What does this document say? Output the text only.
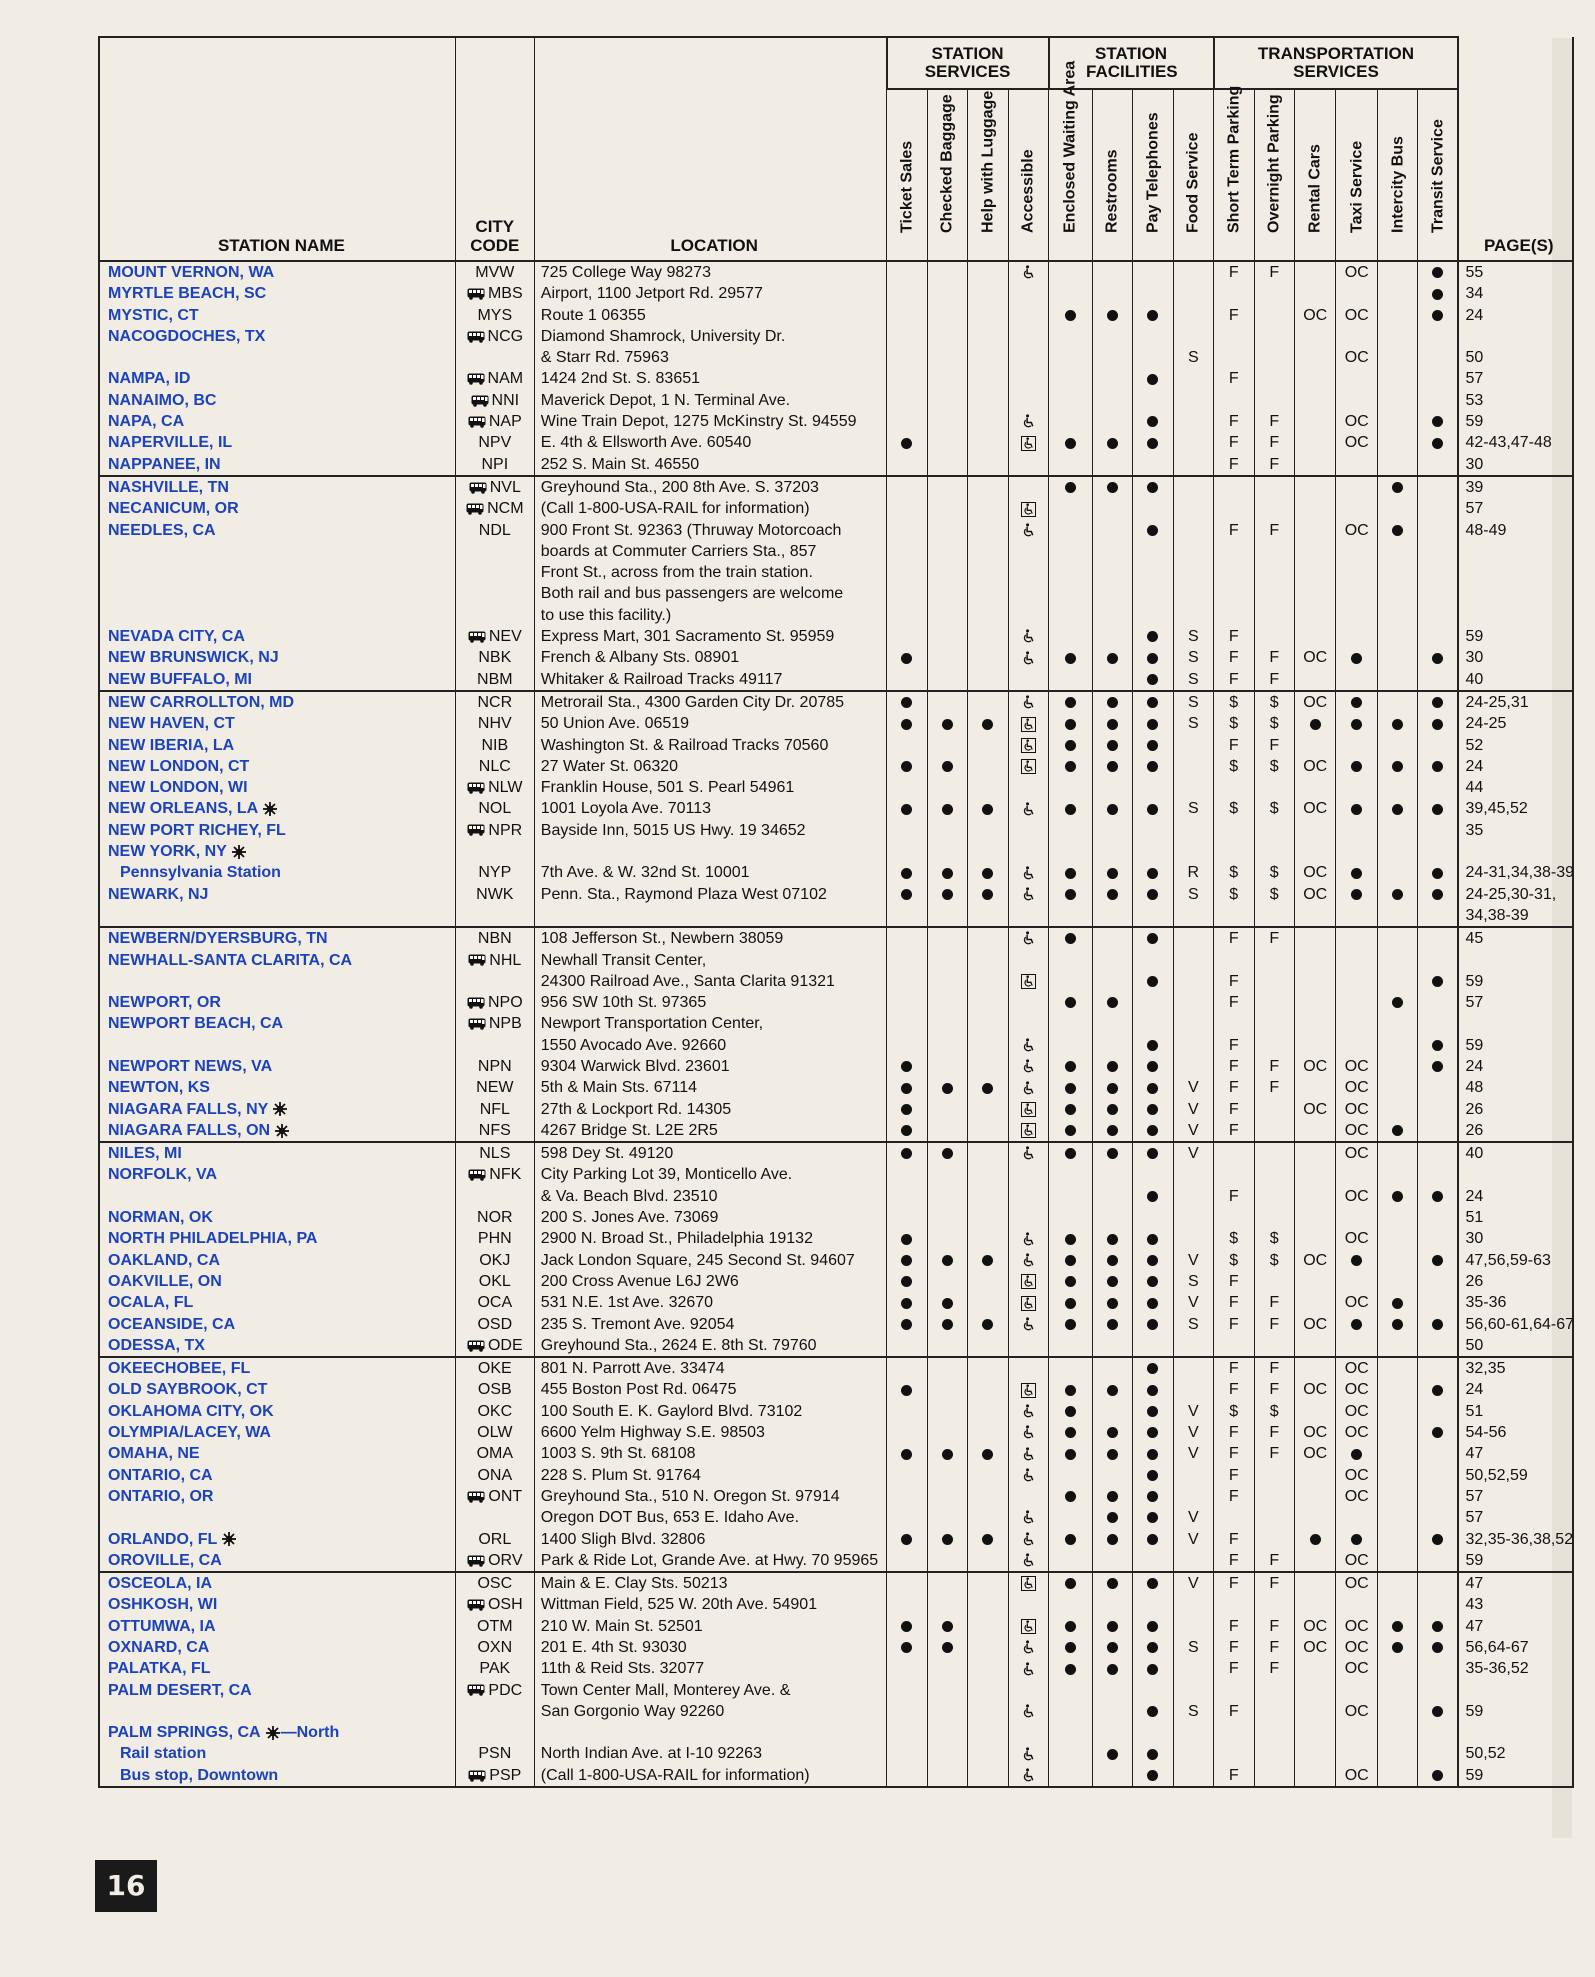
STATION NAME	CITY CODE	LOCATION	STATION SERVICES				STATION FACILITIES				TRANSPORTATION SERVICES						PAGE(S)

			Ticket Sales	Checked Baggage	Help with Luggage	Accessible	Enclosed Waiting Area	Restrooms	Pay Telephones	Food Service	Short Term Parking	Overnight Parking	Rental Cars	Taxi Service	Intercity Bus	Transit Service	

MOUNT VERNON, WA	MVW	725 College Way 98273									F	F		OC			55
MYRTLE BEACH, SC	MBS	Airport, 1100 Jetport Rd. 29577															34
MYSTIC, CT	MYS	Route 1 06355									F		OC	OC			24
NACOGDOCHES, TX	NCG	Diamond Shamrock, University Dr.															
		& Starr Rd. 75963								S				OC			50
NAMPA, ID	NAM	1424 2nd St. S. 83651									F						57
NANAIMO, BC	NNI	Maverick Depot, 1 N. Terminal Ave.															53
NAPA, CA	NAP	Wine Train Depot, 1275 McKinstry St. 94559									F	F		OC			59
NAPERVILLE, IL	NPV	E. 4th & Ellsworth Ave. 60540									F	F		OC			42-43,47-48
NAPPANEE, IN	NPI	252 S. Main St. 46550									F	F					30
NASHVILLE, TN	NVL	Greyhound Sta., 200 8th Ave. S. 37203															39
NECANICUM, OR	NCM	(Call 1-800-USA-RAIL for information)															57
NEEDLES, CA	NDL	900 Front St. 92363 (Thruway Motorcoach									F	F		OC			48-49
		boards at Commuter Carriers Sta., 857															
		Front St., across from the train station.															
		Both rail and bus passengers are welcome															
		to use this facility.)															
NEVADA CITY, CA	NEV	Express Mart, 301 Sacramento St. 95959								S	F						59
NEW BRUNSWICK, NJ	NBK	French & Albany Sts. 08901								S	F	F	OC				30
NEW BUFFALO, MI	NBM	Whitaker & Railroad Tracks 49117								S	F	F					40
NEW CARROLLTON, MD	NCR	Metrorail Sta., 4300 Garden City Dr. 20785								S	$	$	OC				24-25,31
NEW HAVEN, CT	NHV	50 Union Ave. 06519								S	$	$					24-25
NEW IBERIA, LA	NIB	Washington St. & Railroad Tracks 70560									F	F					52
NEW LONDON, CT	NLC	27 Water St. 06320									$	$	OC				24
NEW LONDON, WI	NLW	Franklin House, 501 S. Pearl 54961															44
NEW ORLEANS, LA	NOL	1001 Loyola Ave. 70113								S	$	$	OC				39,45,52
NEW PORT RICHEY, FL	NPR	Bayside Inn, 5015 US Hwy. 19 34652															35
NEW YORK, NY

Pennsylvania Station	NYP	7th Ave. & W. 32nd St. 10001								R	$	$	OC				24-31,34,38-39
NEWARK, NJ	NWK	Penn. Sta., Raymond Plaza West 07102								S	$	$	OC				24-25,30-31,
																	34,38-39
NEWBERN/DYERSBURG, TN	NBN	108 Jefferson St., Newbern 38059									F	F					45
NEWHALL-SANTA CLARITA, CA	NHL	Newhall Transit Center,															
		24300 Railroad Ave., Santa Clarita 91321									F						59
NEWPORT, OR	NPO	956 SW 10th St. 97365									F						57
NEWPORT BEACH, CA	NPB	Newport Transportation Center,															
		1550 Avocado Ave. 92660									F						59
NEWPORT NEWS, VA	NPN	9304 Warwick Blvd. 23601									F	F	OC	OC			24
NEWTON, KS	NEW	5th & Main Sts. 67114								V	F	F		OC			48
NIAGARA FALLS, NY	NFL	27th & Lockport Rd. 14305								V	F		OC	OC			26
NIAGARA FALLS, ON	NFS	4267 Bridge St. L2E 2R5								V	F			OC			26
NILES, MI	NLS	598 Dey St. 49120								V				OC			40
NORFOLK, VA	NFK	City Parking Lot 39, Monticello Ave.															
		& Va. Beach Blvd. 23510									F			OC			24
NORMAN, OK	NOR	200 S. Jones Ave. 73069															51
NORTH PHILADELPHIA, PA	PHN	2900 N. Broad St., Philadelphia 19132									$	$		OC			30
OAKLAND, CA	OKJ	Jack London Square, 245 Second St. 94607								V	$	$	OC				47,56,59-63
OAKVILLE, ON	OKL	200 Cross Avenue L6J 2W6								S	F						26
OCALA, FL	OCA	531 N.E. 1st Ave. 32670								V	F	F		OC			35-36
OCEANSIDE, CA	OSD	235 S. Tremont Ave. 92054								S	F	F	OC				56,60-61,64-67
ODESSA, TX	ODE	Greyhound Sta., 2624 E. 8th St. 79760															50
OKEECHOBEE, FL	OKE	801 N. Parrott Ave. 33474									F	F		OC			32,35
OLD SAYBROOK, CT	OSB	455 Boston Post Rd. 06475									F	F	OC	OC			24
OKLAHOMA CITY, OK	OKC	100 South E. K. Gaylord Blvd. 73102								V	$	$		OC			51
OLYMPIA/LACEY, WA	OLW	6600 Yelm Highway S.E. 98503								V	F	F	OC	OC			54-56
OMAHA, NE	OMA	1003 S. 9th St. 68108								V	F	F	OC				47
ONTARIO, CA	ONA	228 S. Plum St. 91764									F			OC			50,52,59
ONTARIO, OR	ONT	Greyhound Sta., 510 N. Oregon St. 97914									F			OC			57
		Oregon DOT Bus, 653 E. Idaho Ave.								V							57
ORLANDO, FL	ORL	1400 Sligh Blvd. 32806								V	F						32,35-36,38,52
OROVILLE, CA	ORV	Park & Ride Lot, Grande Ave. at Hwy. 70 95965									F	F		OC			59
OSCEOLA, IA	OSC	Main & E. Clay Sts. 50213								V	F	F		OC			47
OSHKOSH, WI	OSH	Wittman Field, 525 W. 20th Ave. 54901															43
OTTUMWA, IA	OTM	210 W. Main St. 52501									F	F	OC	OC			47
OXNARD, CA	OXN	201 E. 4th St. 93030								S	F	F	OC	OC			56,64-67
PALATKA, FL	PAK	11th & Reid Sts. 32077									F	F		OC			35-36,52
PALM DESERT, CA	PDC	Town Center Mall, Monterey Ave. &															
		San Gorgonio Way 92260								S	F			OC			59
PALM SPRINGS, CA —North																	
Rail station	PSN	North Indian Ave. at I-10 92263															50,52
Bus stop, Downtown	PSP	(Call 1-800-USA-RAIL for information)									F			OC			59
16
